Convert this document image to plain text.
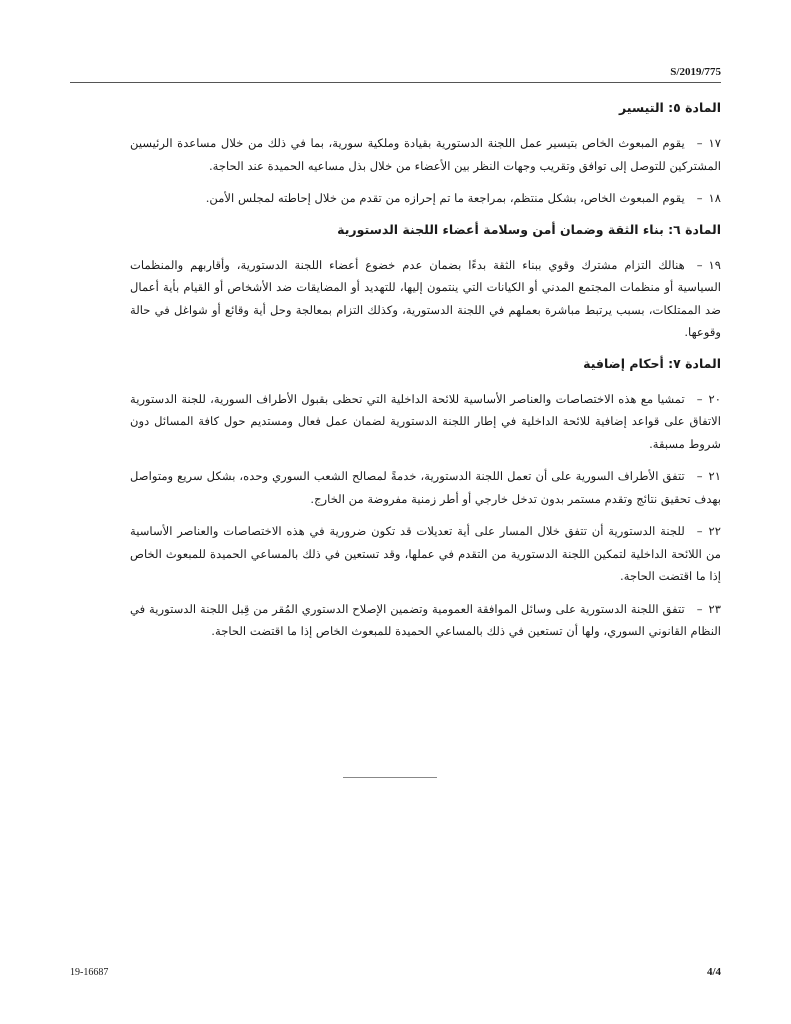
S/2019/775
المادة ٥: التيسير

١٧–يقوم المبعوث الخاص بتيسير عمل اللجنة الدستورية بقيادة وملكية سورية، بما في ذلك من خلال مساعدة الرئيسين المشتركين للتوصل إلى توافق وتقريب وجهات النظر بين الأعضاء من خلال بذل مساعيه الحميدة عند الحاجة.

١٨–يقوم المبعوث الخاص، بشكل منتظم، بمراجعة ما تم إحرازه من تقدم من خلال إحاطته لمجلس الأمن.

المادة ٦: بناء الثقة وضمان أمن وسلامة أعضاء اللجنة الدستورية

١٩–هنالك التزام مشترك وقوي ببناء الثقة بدءًا بضمان عدم خضوع أعضاء اللجنة الدستورية، وأقاربهم والمنظمات السياسية أو منظمات المجتمع المدني أو الكيانات التي ينتمون إليها، للتهديد أو المضايقات ضد الأشخاص أو القيام بأية أعمال ضد الممتلكات، بسبب يرتبط مباشرة بعملهم في اللجنة الدستورية، وكذلك التزام بمعالجة وحل أية وقائع أو شواغل في حالة وقوعها.

المادة ٧: أحكام إضافية

٢٠–تمشيا مع هذه الاختصاصات والعناصر الأساسية للائحة الداخلية التي تحظى بقبول الأطراف السورية، للجنة الدستورية الاتفاق على قواعد إضافية للائحة الداخلية في إطار اللجنة الدستورية لضمان عمل فعال ومستديم حول كافة المسائل دون شروط مسبقة.

٢١–تتفق الأطراف السورية على أن تعمل اللجنة الدستورية، خدمةً لمصالح الشعب السوري وحده، بشكل سريع ومتواصل بهدف تحقيق نتائج وتقدم مستمر بدون تدخل خارجي أو أطر زمنية مفروضة من الخارج.

٢٢–للجنة الدستورية أن تتفق خلال المسار على أية تعديلات قد تكون ضرورية في هذه الاختصاصات والعناصر الأساسية من اللائحة الداخلية لتمكين اللجنة الدستورية من التقدم في عملها، وقد تستعين في ذلك بالمساعي الحميدة للمبعوث الخاص إذا ما اقتضت الحاجة.

٢٣–تتفق اللجنة الدستورية على وسائل الموافقة العمومية وتضمين الإصلاح الدستوري المُقر من قِبل اللجنة الدستورية في النظام القانوني السوري، ولها أن تستعين في ذلك بالمساعي الحميدة للمبعوث الخاص إذا ما اقتضت الحاجة.

19-16687	4/4
